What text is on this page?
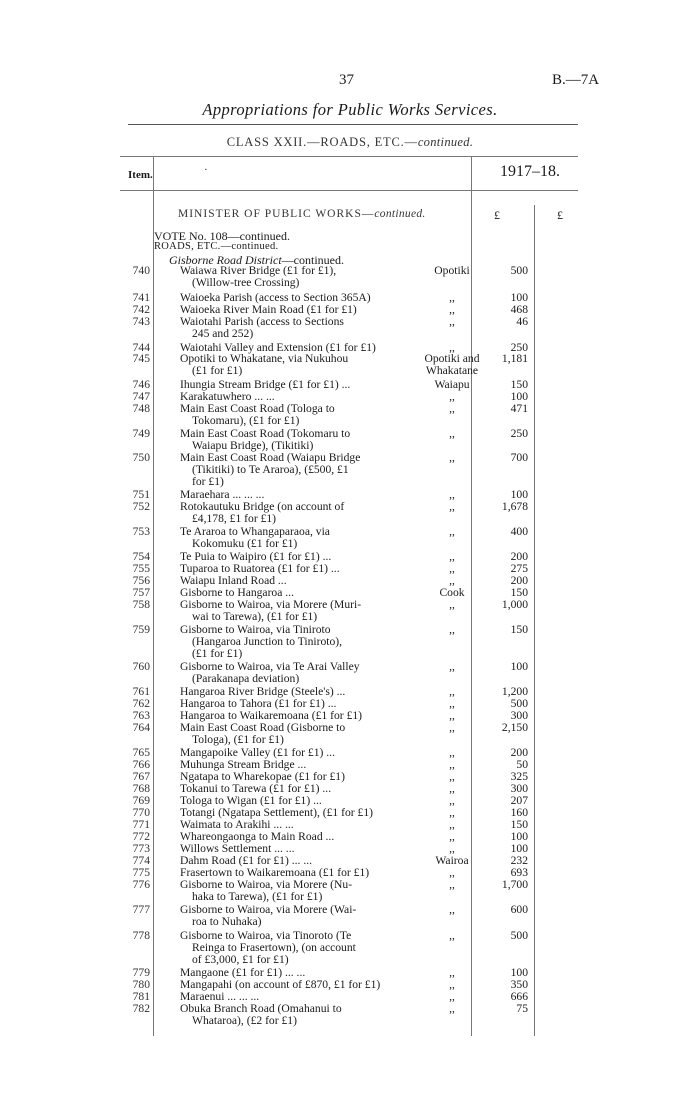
37	B.—7A
Appropriations for Public Works Services.
CLASS XXII.—ROADS, ETC.—continued.
Item.	·	1917–18.
MINISTER OF PUBLIC WORKS—continued.	£	£
VOTE No. 108—continued.
ROADS, ETC.—continued.
Gisborne Road District—continued.
740	Waiawa River Bridge (£1 for £1),	Opotiki	500
(Willow-tree Crossing)
741	Waioeka Parish (access to Section 365A)	,,	100
742	Waioeka River Main Road (£1 for £1)	,,	468
743	Waiotahi Parish (access to Sections	,,	46
245 and 252)
744	Waiotahi Valley and Extension (£1 for £1)	,,	250
745	Opotiki to Whakatane, via Nukuhou	Opotiki and	1,181
(£1 for £1)	Whakatane
746	Ihungia Stream Bridge (£1 for £1) ...	Waiapu	150
747	Karakatuwhero ... ...	,,	100
748	Main East Coast Road (Tologa to	,,	471
Tokomaru), (£1 for £1)
749	Main East Coast Road (Tokomaru to	,,	250
Waiapu Bridge), (Tikitiki)
750	Main East Coast Road (Waiapu Bridge	,,	700
(Tikitiki) to Te Araroa), (£500, £1
for £1)
751	Maraehara ... ... ...	,,	100
752	Rotokautuku Bridge (on account of	,,	1,678
£4,178, £1 for £1)
753	Te Araroa to Whangaparaoa, via	,,	400
Kokomuku (£1 for £1)
754	Te Puia to Waipiro (£1 for £1) ...	,,	200
755	Tuparoa to Ruatorea (£1 for £1) ...	,,	275
756	Waiapu Inland Road ...	,,	200
757	Gisborne to Hangaroa ...	Cook	150
758	Gisborne to Wairoa, via Morere (Muri-	,,	1,000
wai to Tarewa), (£1 for £1)
759	Gisborne to Wairoa, via Tiniroto	,,	150
(Hangaroa Junction to Tiniroto),
(£1 for £1)
760	Gisborne to Wairoa, via Te Arai Valley	,,	100
(Parakanapa deviation)
761	Hangaroa River Bridge (Steele's) ...	,,	1,200
762	Hangaroa to Tahora (£1 for £1) ...	,,	500
763	Hangaroa to Waikaremoana (£1 for £1)	,,	300
764	Main East Coast Road (Gisborne to	,,	2,150
Tologa), (£1 for £1)
765	Mangapoike Valley (£1 for £1) ...	,,	200
766	Muhunga Stream Bridge ...	,,	50
767	Ngatapa to Wharekopae (£1 for £1)	,,	325
768	Tokanui to Tarewa (£1 for £1) ...	,,	300
769	Tologa to Wigan (£1 for £1) ...	,,	207
770	Totangi (Ngatapa Settlement), (£1 for £1)	,,	160
771	Waimata to Arakihi ... ...	,,	150
772	Whareongaonga to Main Road ...	,,	100
773	Willows Settlement ... ...	,,	100
774	Dahm Road (£1 for £1) ... ...	Wairoa	232
775	Frasertown to Waikaremoana (£1 for £1)	,,	693
776	Gisborne to Wairoa, via Morere (Nu-	,,	1,700
haka to Tarewa), (£1 for £1)
777	Gisborne to Wairoa, via Morere (Wai-	,,	600
roa to Nuhaka)
778	Gisborne to Wairoa, via Tinoroto (Te	,,	500
Reinga to Frasertown), (on account
of £3,000, £1 for £1)
779	Mangaone (£1 for £1) ... ...	,,	100
780	Mangapahi (on account of £870, £1 for £1)	,,	350
781	Maraenui ... ... ...	,,	666
782	Obuka Branch Road (Omahanui to	,,	75
Whataroa), (£2 for £1)
